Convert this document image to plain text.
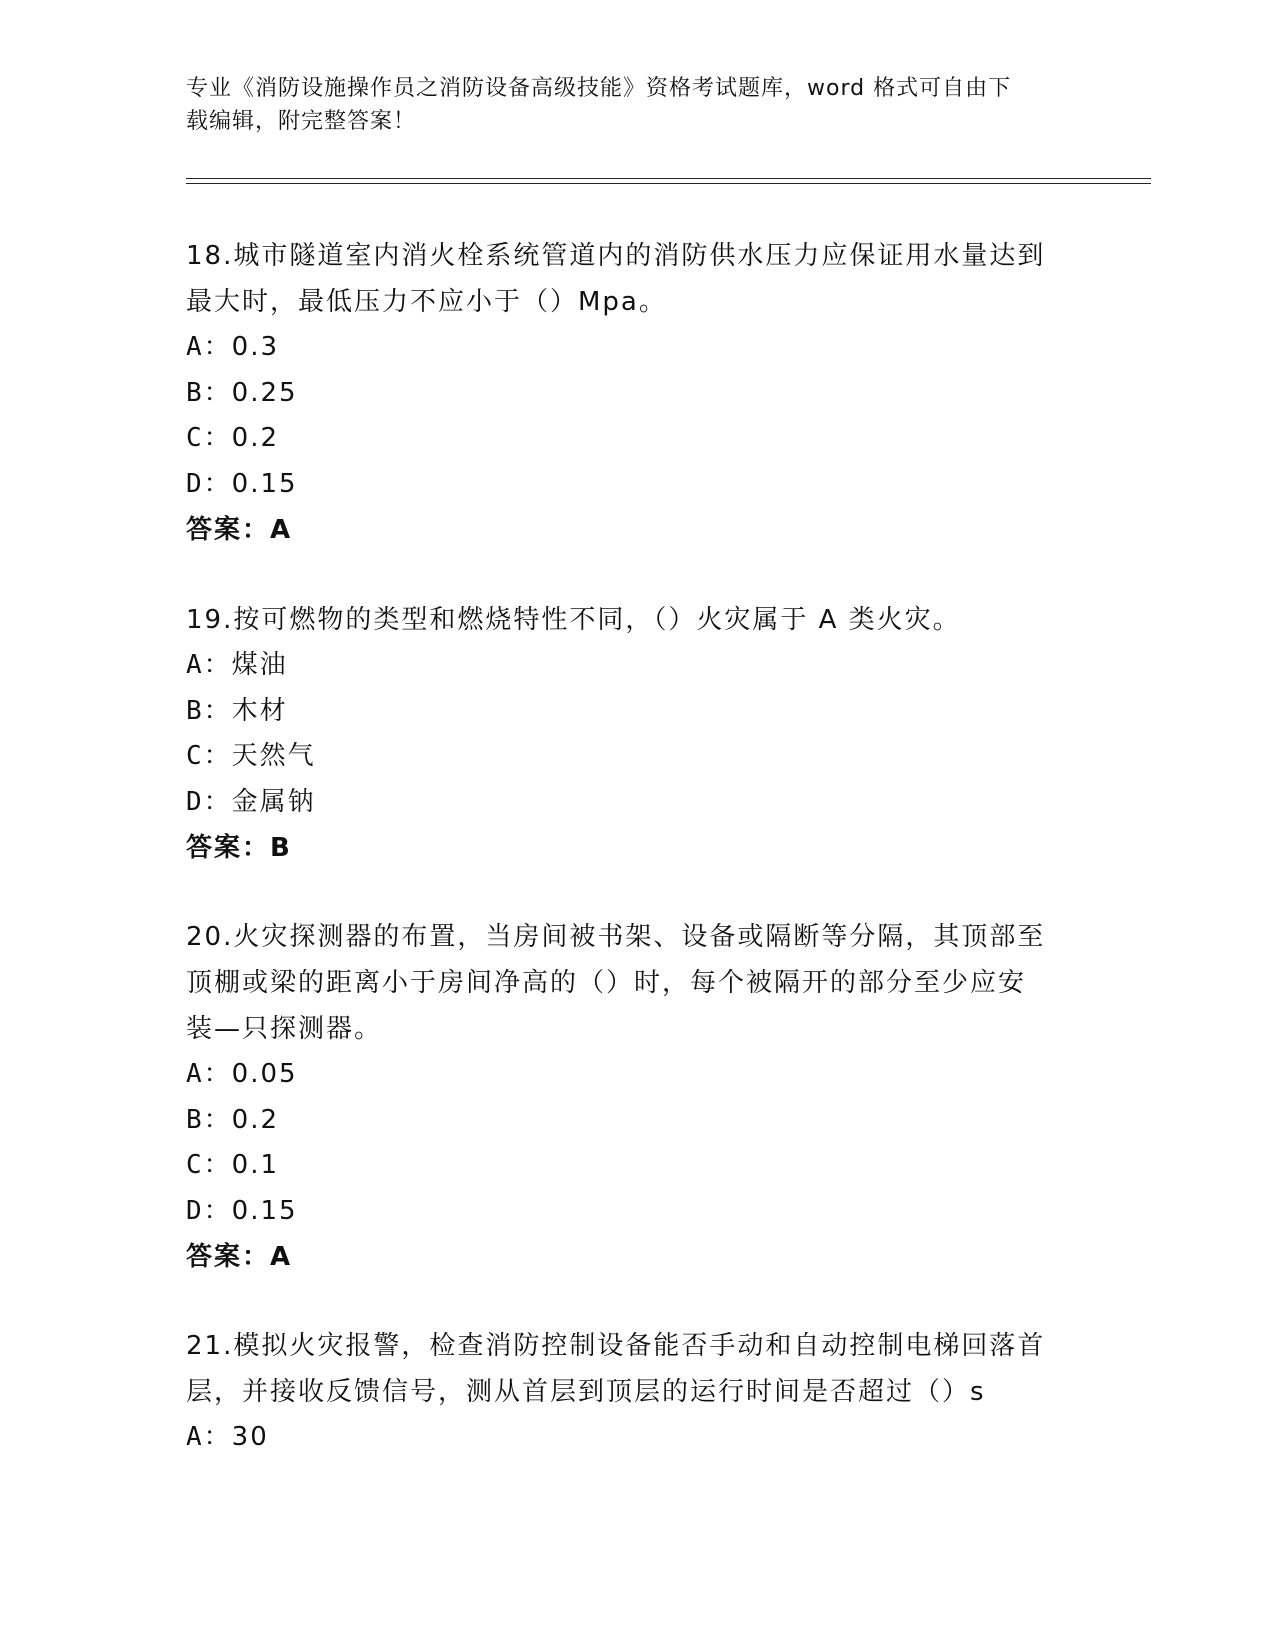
专业《消防设施操作员之消防设备高级技能》资格考试题库，word 格式可自由下
载编辑，附完整答案！
18.城市隧道室内消火栓系统管道内的消防供水压力应保证用水量达到
最大时，最低压力不应小于（）Mpa。
A：0.3
B：0.25
C：0.2
D：0.15
答案：A
19.按可燃物的类型和燃烧特性不同，（）火灾属于 A 类火灾。
A：煤油
B：木材
C：天然气
D：金属钠
答案：B
20.火灾探测器的布置，当房间被书架、设备或隔断等分隔，其顶部至
顶棚或梁的距离小于房间净高的（）时，每个被隔开的部分至少应安
装—只探测器。
A：0.05
B：0.2
C：0.1
D：0.15
答案：A
21.模拟火灾报警，检查消防控制设备能否手动和自动控制电梯回落首
层，并接收反馈信号，测从首层到顶层的运行时间是否超过（）s
A：30
